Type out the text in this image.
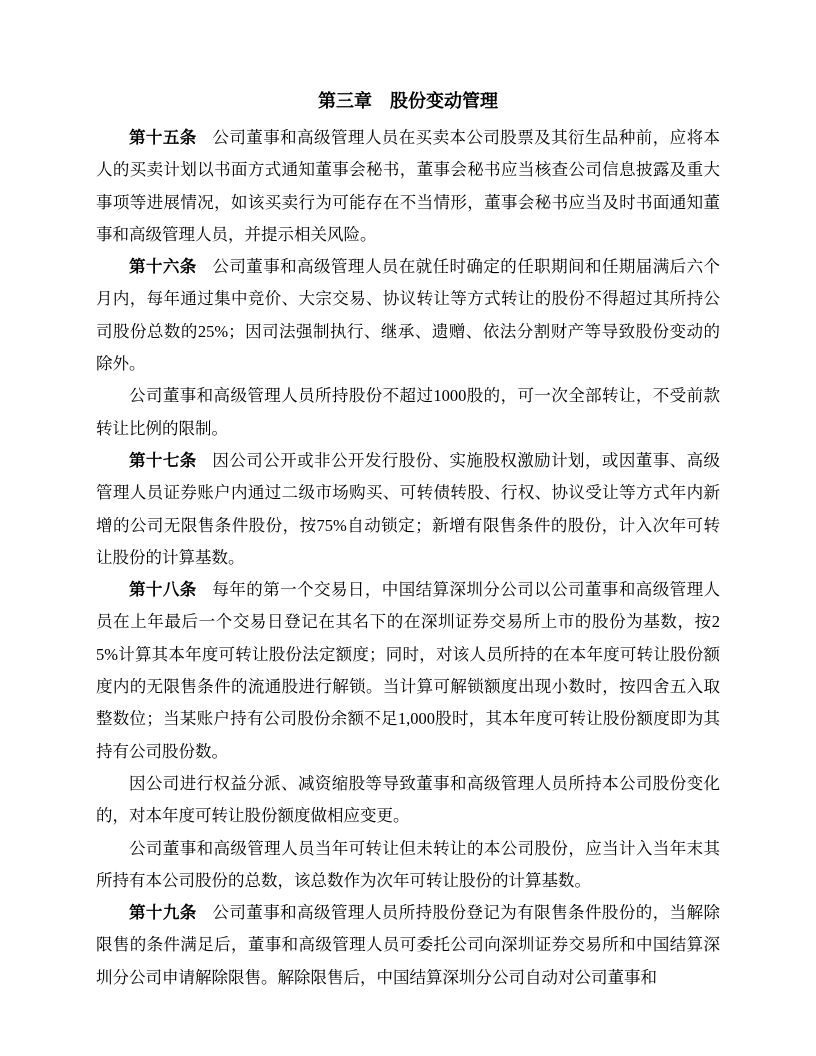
第三章　股份变动管理

第十五条 公司董事和高级管理人员在买卖本公司股票及其衍生品种前，应将本人的买卖计划以书面方式通知董事会秘书，董事会秘书应当核查公司信息披露及重大事项等进展情况，如该买卖行为可能存在不当情形，董事会秘书应当及时书面通知董事和高级管理人员，并提示相关风险。

第十六条 公司董事和高级管理人员在就任时确定的任职期间和任期届满后六个月内，每年通过集中竞价、大宗交易、协议转让等方式转让的股份不得超过其所持公司股份总数的25%；因司法强制执行、继承、遗赠、依法分割财产等导致股份变动的除外。

公司董事和高级管理人员所持股份不超过1000股的，可一次全部转让，不受前款转让比例的限制。

第十七条 因公司公开或非公开发行股份、实施股权激励计划，或因董事、高级管理人员证券账户内通过二级市场购买、可转债转股、行权、协议受让等方式年内新增的公司无限售条件股份，按75%自动锁定；新增有限售条件的股份，计入次年可转让股份的计算基数。

第十八条 每年的第一个交易日，中国结算深圳分公司以公司董事和高级管理人员在上年最后一个交易日登记在其名下的在深圳证券交易所上市的股份为基数，按25%计算其本年度可转让股份法定额度；同时，对该人员所持的在本年度可转让股份额度内的无限售条件的流通股进行解锁。当计算可解锁额度出现小数时，按四舍五入取整数位；当某账户持有公司股份余额不足1,000股时，其本年度可转让股份额度即为其持有公司股份数。

因公司进行权益分派、减资缩股等导致董事和高级管理人员所持本公司股份变化的，对本年度可转让股份额度做相应变更。

公司董事和高级管理人员当年可转让但未转让的本公司股份，应当计入当年末其所持有本公司股份的总数，该总数作为次年可转让股份的计算基数。

第十九条 公司董事和高级管理人员所持股份登记为有限售条件股份的，当解除限售的条件满足后，董事和高级管理人员可委托公司向深圳证券交易所和中国结算深圳分公司申请解除限售。解除限售后，中国结算深圳分公司自动对公司董事和
